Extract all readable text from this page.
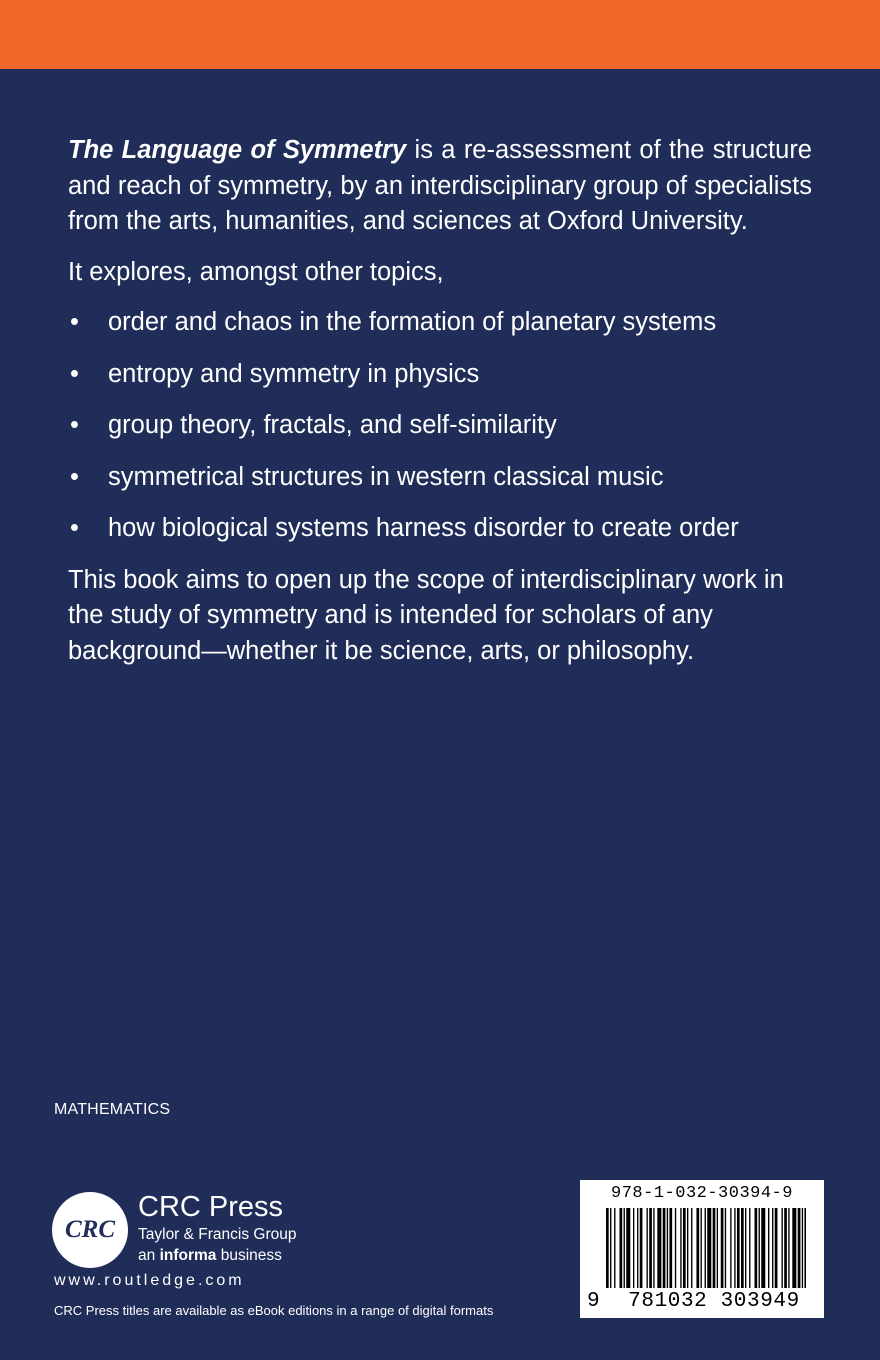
The Language of Symmetry is a re-assessment of the structure and reach of symmetry, by an interdisciplinary group of specialists from the arts, humanities, and sciences at Oxford University.

It explores, amongst other topics,

• order and chaos in the formation of planetary systems
• entropy and symmetry in physics
• group theory, fractals, and self-similarity
• symmetrical structures in western classical music
• how biological systems harness disorder to create order

This book aims to open up the scope of interdisciplinary work in the study of symmetry and is intended for scholars of any background—whether it be science, arts, or philosophy.

MATHEMATICS
CRC
CRC Press
Taylor & Francis Group
an informa business
www.routledge.com
CRC Press titles are available as eBook editions in a range of digital formats
978-1-032-30394-9
9	781032 303949
